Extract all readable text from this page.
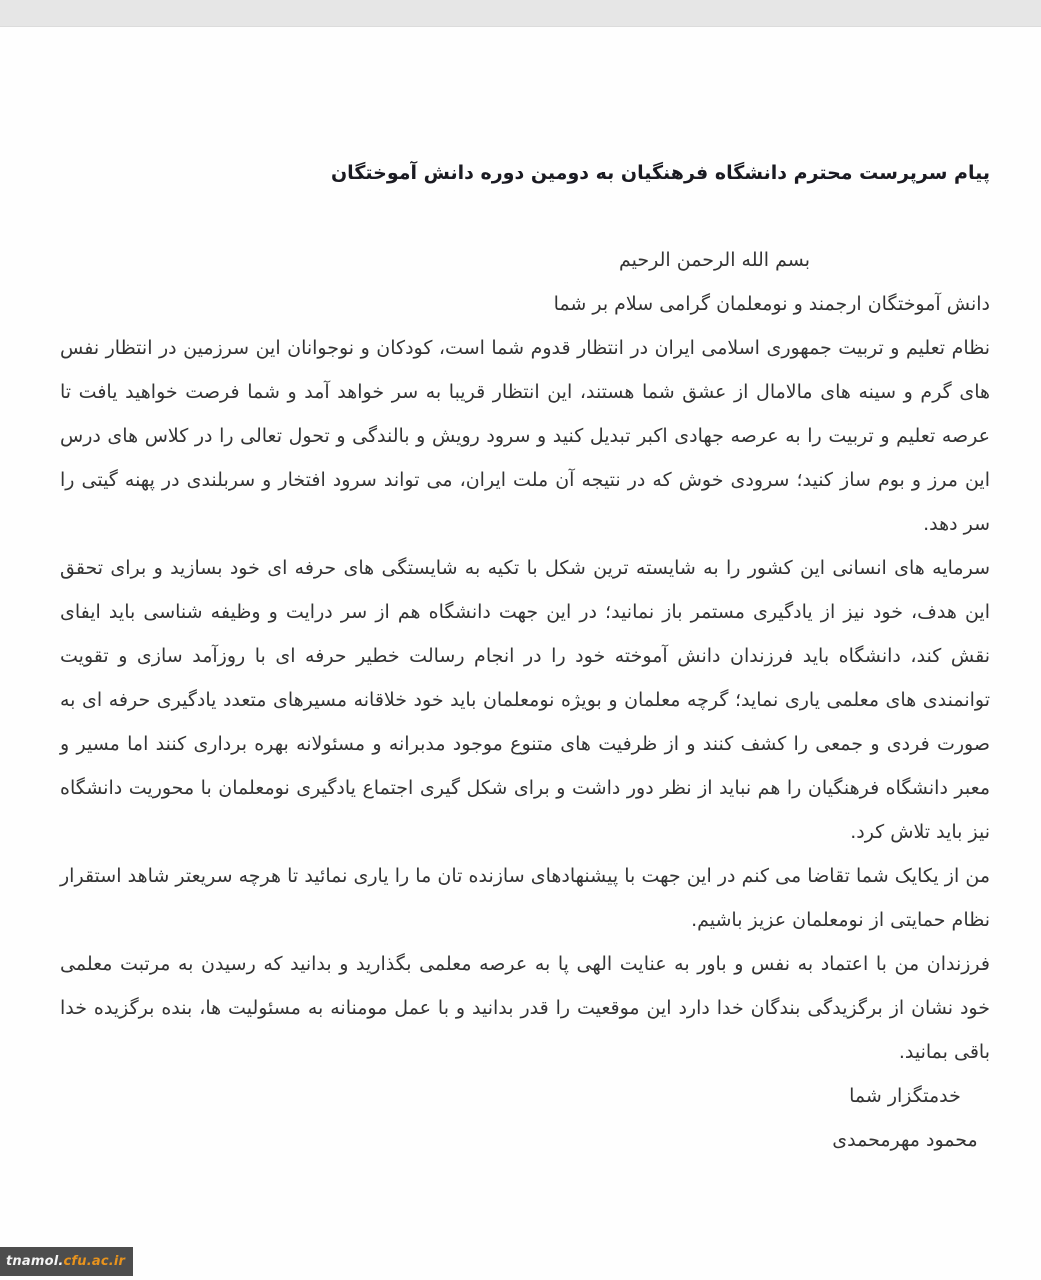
پیام سرپرست محترم دانشگاه فرهنگیان به دومین دوره دانش آموختگان

بسم الله الرحمن الرحیم

دانش آموختگان ارجمند و نومعلمان گرامی سلام بر شما

نظام تعلیم و تربیت جمهوری اسلامی ایران در انتظار قدوم شما است، کودکان و نوجوانان این سرزمین در انتظار نفس های گرم و سینه های مالامال از عشق شما هستند، این انتظار قریبا به سر خواهد آمد و شما فرصت خواهید یافت تا عرصه تعلیم و تربیت را به عرصه جهادی اکبر تبدیل کنید و سرود رویش و بالندگی و تحول تعالی را در کلاس های درس این مرز و بوم ساز کنید؛ سرودی خوش که در نتیجه آن ملت ایران، می تواند سرود افتخار و سربلندی در پهنه گیتی را سر دهد.

سرمایه های انسانی این کشور را به شایسته ترین شکل با تکیه به شایستگی های حرفه ای خود بسازید و برای تحقق این هدف، خود نیز از یادگیری مستمر باز نمانید؛ در این جهت دانشگاه هم از سر درایت و وظیفه شناسی باید ایفای نقش کند، دانشگاه باید فرزندان دانش آموخته خود را در انجام رسالت خطیر حرفه ای با روزآمد سازی و تقویت توانمندی های معلمی یاری نماید؛ گرچه معلمان و بویژه نومعلمان باید خود خلاقانه مسیرهای متعدد یادگیری حرفه ای به صورت فردی و جمعی را کشف کنند و از ظرفیت های متنوع موجود مدبرانه و مسئولانه بهره برداری کنند اما مسیر و معبر دانشگاه فرهنگیان را هم نباید از نظر دور داشت و برای شکل گیری اجتماع یادگیری نومعلمان با محوریت دانشگاه نیز باید تلاش کرد.

من از یکایک شما تقاضا می کنم در این جهت با پیشنهادهای سازنده تان ما را یاری نمائید تا هرچه سریعتر شاهد استقرار نظام حمایتی از نومعلمان عزیز باشیم.

فرزندان من با اعتماد به نفس و باور به عنایت الهی پا به عرصه معلمی بگذارید و بدانید که رسیدن به مرتبت معلمی خود نشان از برگزیدگی بندگان خدا دارد این موقعیت را قدر بدانید و با عمل مومنانه به مسئولیت ها، بنده برگزیده خدا باقی بمانید.

خدمتگزار شما
محمود مهرمحمدی
tnamol. cfu.ac.ir
